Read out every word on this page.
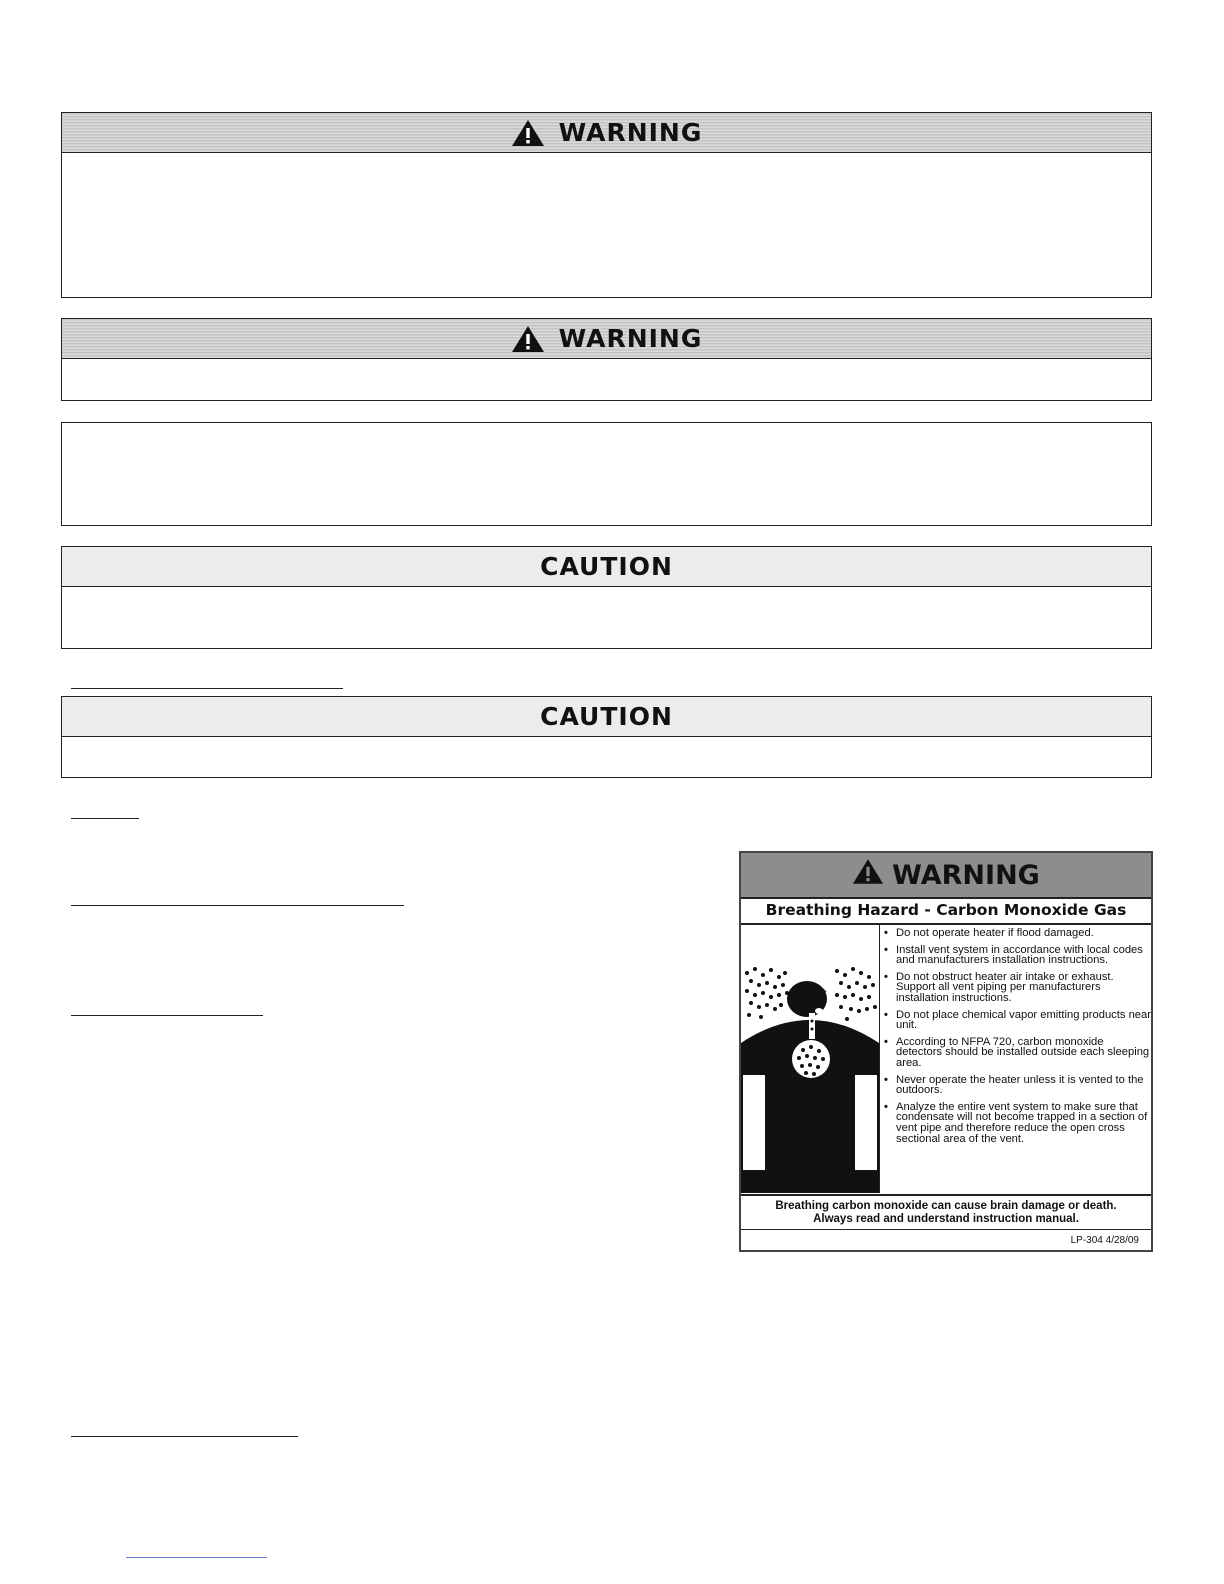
WARNING
WARNING
CAUTION
CAUTION
WARNING
Breathing Hazard - Carbon Monoxide Gas
• Do not operate heater if flood damaged.
• Install vent system in accordance with local codes and manufacturers installation instructions.
• Do not obstruct heater air intake or exhaust. Support all vent piping per manufacturers installation instructions.
• Do not place chemical vapor emitting products near unit.
• According to NFPA 720, carbon monoxide detectors should be installed outside each sleeping area.
• Never operate the heater unless it is vented to the outdoors.
• Analyze the entire vent system to make sure that condensate will not become trapped in a section of vent pipe and therefore reduce the open cross sectional area of the vent.
Breathing carbon monoxide can cause brain damage or death.
Always read and understand instruction manual.
LP-304 4/28/09
